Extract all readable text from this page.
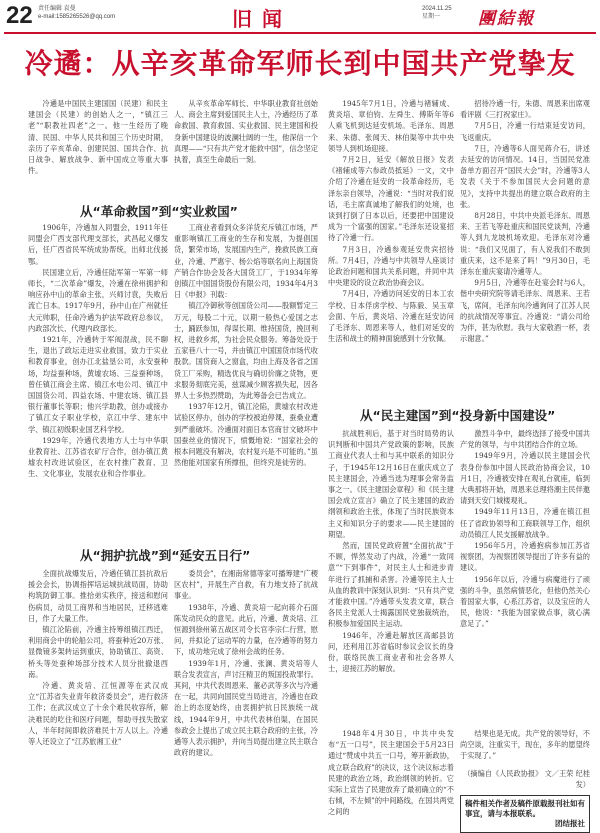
22 责任编辑 袁曼
e-mail:1585265526@qq.com	旧闻	2024.11.25
星期一	團結報
冷遹：从辛亥革命军师长到中国共产党挚友

冷遹是中国民主建国国（民建）和民主建国会（民建）的创始人之一，“镇江三老”“职教社四老”之一。他一生经历了晚清、民国、中华人民共和国三个历史时期，亲历了辛亥革命、创建民国、国共合作、抗日战争、解放战争、新中国成立等重大事件。

从辛亥革命军师长、中华职业教育社创始人、商会主席到爱国民主人士，冷遹经历了革命救国、教育救国、实业救国、民主建国和投身新中国建设的波澜壮阔的一生，他深信一个真理——“只有共产党才能救中国”，信念坚定执着，真至生命最后一刻。

从“革命救国”到“实业救国”

1906年，冷遹加入同盟会，1911年任同盟会广西支部代理支部长，武昌起义爆发后，任广西省民军统成协帮统，出师北伐援鄂。

民国建立后，冷遹任陆军第一军第一师师长，“二次革命”爆发，冷遹在徐州拥护和响应孙中山的革命主张，兴师讨袁，失败后流亡日本。1917年9月，孙中山在广州就任大元帅职，任命冷遹为护法军政府总参议，内政部次长、代理内政部长。

1921年，冷遹转于军阀混战，民不聊生，退出了政坛走进实业救国，致力于实业和教育事业，创办江北盐垦公司，永安蚕种场，均益蚕种场，黄墟农场、三益蚕种场，曾任镇江商会主席、镇江水电公司、镇江中国国货公司、四益农场、中建农场、镇江县银行董事长等职；他兴学助教，创办或接办了镇江女子职业学校，京江中学、建东中学、镇江初级职业国艺科学校。

1929年，冷遹代表地方人士与中华职业教育社、江苏省农矿厅合作，创办镇江黄墟农村改进试验区，在农村推广教育、卫生、文化事业，发展农业和合作事业。

工商业者看到众多洋货充斥镇江市场，严重影响镇江工商业的生存和发展，为提倡国货，繁荣市场，发展国内生产，挽救民族工商业，冷遹、严惠宇、杨公焰等联名向上海国货产销合作协会及各大国货工厂，于1934年筹创镇江中国国货股份有限公司，1934年4月3日《申报》刊载：

镇江冷御秋等创国货公司——股额暂定三万元，每股二十元，以期一般热心爱国之志士，踊跃参加，得谋长期、维持国货，挽回利权，进救乡邦，为社会民众服务。筹备处设于五家巷八十一号，并由镇江中国国货市场代收股款。国货商人之窗盒，均由上海及各省之国货工厂采购，精选优良与确切价廉之货物，更求服务彻底完美，兹谋减少顾客损失起，因各界人士多热烈赞助，为此筹备会已告成立。

1937年12月，镇江沦陷，黄墟农村改进试验区停办，创办的学校被迫停课，蚕桑业遭到严重破坏。冷遹面对面日本官商甘文破坏中国蚕丝业的情况下，愤慨地说：“国家社会的根本问题没有解决，农村复兴是不可能的。”虽然他能对国家有所撑扭，但终究是徒劳的。

从“拥护抗战”到“延安五日行”

全面抗战爆发后，冷遹任镇江县抗敌后援会会长，协调指挥培运城抗战局面，协助构筑防御工事。推拾弟实秩序，接送和慰问伤病员，动员工商界和当地居民，迁移逃难日，作了大量工作。

镇江沦陷前，冷遹主持筹组镇江西迁，利用商会中的轮船公司，将蚕种近20万张、显微镜多架转运到重庆，协助镇江、高资、桥头等处蚕种场部分技术人员分批撤退西南。

冷遹、黄炎培、江恒源等在武汉成立“江苏省失业青年救济委员会”，进行救济工作；在武汉成立了十余个难民收容所，解决难民的吃住和医疗问题，帮助寻找失散家人，半年时间即救济难民十万人以上。冷遹等人还设立了“江苏旅湘工业”

委员会”，在湘南常德等家可播筹建“广稷区农村”，开展生产自救，有力地支持了抗战事业。

1938年，冷遹、黄炎培一起向蒋介石面陈发动民众的意见。此后，冷遹、黄炎培、江恒源到徐州第五战区司令长官李宗仁行营，慰问，并拟论了运动军的力量，在冷遹等的努力下，成功地完成了徐州会战的任务。

1939年1月，冷遹、张澜、黄炎培等人联合发表宣言，声讨汪精卫的叛国投敌罪行。其间，中共代表周恩来、董必武等多次与冷遹在一起，共同向国民党当局进言，冷遹也在政治上的态度始终，由衷拥护抗日民族统一战线，1944年9月，中共代表林伯渠，在国民参政会上提出了成立民主联合政府的主张，冷遹等人表示拥护，并向当局提出建立民主联合政府的建议。

1945年7月1日，冷遹与褚辅成、黄炎培、章伯钧、左舜生、傅斯年等6人乘飞机到达延安机场。毛泽东、周恩来、朱德、张闻天、林伯渠等中共中央领导人到机场迎接。

7月2日，延安《解放日报》发表《褚辅成等六参政员抵延》一文，文中介绍了冷遹在延安的一段革命经历，毛泽东亲自领导，冷遹说：“当时对我们说话，毛主席真诚地了解我们的处境，也谈到打倒了日本以后，还要把中国建设成为一个富强的国家。”毛泽东还设宴招待了冷遹一行。

7月3日，冷遹参观延安贵宾招待所。7月4日，冷遹与中共领导人座谈讨论政治问题和国共关系问题，并同中共中央建设的设立政治协商会议。

7月4日，冷遹访问延安的日本工农学校、日本俘虏学校、与陈毅、吴玉章会面、午后，黄炎培、冷遹在延安访问了毛泽东、周恩来等人，他们对延安的生活和战士的精神面貌感到十分钦佩。

招待冷遹一行，朱德、周恩来出席观看评剧《三打祝家庄》。

7月5日，冷遹一行结束延安访问，飞返重庆。

7日，冷遹等6人面见蒋介石，讲述去延安的访问情况。14日，当国民党准备单方面召开“国民大会”时，冷遹等3人发表《关于不参加国民大会问题的意见》，支持中共提出的建立联合政府的主张。

8月28日，中共中央派毛泽东、周恩来、王若飞等赴重庆和国民党谈判，冷遹等人到九龙坡机场欢迎。毛泽东对冷遹说：“我们又见面了，有人说我们不敢到重庆来，这不是来了吗！”9月30日，毛泽东在重庆宴请冷遹等人。

9月5日，冷遹等在赴宴会时与6人，偕中央研究院等请毛泽东、周恩来、王若飞，席间，毛泽东向冷遹询问了江苏人民的抗战情况等事宜。冷遹说：“请公司给为伴，甚为欣慰。我与大家敬酒一杯，表示谢意。”

从“民主建国”到“投身新中国建设”

抗战胜利后，基于对当时局势的认识判断和中国共产党政策的影响，民族工商业代表人士和与其中联系的知识分子，于1945年12月16日在重庆成立了民主建国会，冷遹当选为理事会常务监事之一。《民主建国会章程》和《民主建国会成立宣言》确立了民主建国的政治纲领和政治主张，体现了当时民族资本主义和知识分子的要求——民主建国的期望。

然而，国民党政府置“全面抗战”于不顾，悍然发动了内战，冷遹“一致同意”“下到事件”，对民主人士和进步青年进行了抓捕和杀害。冷遹等民主人士从血的教训中深刻认识到：“只有共产党才能救中国。”冷遹带头发表文章，联合各民主党派人士揭露国民党独裁统治，积极参加爱国民主运动。

1946年，冷遹赴解放区高邮县访问，还利用江苏省临时参议会议长的身份，联络民族工商业者和社会各界人士，迎接江苏的解放。

激烈斗争中，最终选择了接受中国共产党的领导，与中共团结合作的立场。

1949年9月，冷遹以民主建国会代表身份参加中国人民政治协商会议，10月1日，冷遹被安排在观礼台就座，临到大典那将开始，周恩来总理将潮主民伴邀请到天安门城楼观礼。

1949年11月13日，冷遹在镇江担任了省政协领导和工商联领导工作，组织动员镇江人民支援解放战争。

1956年5月，冷遹抱病参加江苏省视察团，为视察团领导提出了许多有益的建议。

1956年以后，冷遹与病魔进行了顽强的斗争，虽然病情恶化，但他仍然关心着国家大事，心系江苏省，以及宝应的人民，他说：“我能为国家做点事，就心满意足了。”

1948年4月30日，中共中央发布“五一口号”，民主建国会于5月23日通过“赞成中共五一口号，筹开新政协，成立联合政府”的决议，这个决议标志着民建的政治立场，政治纲领的转折。它实际上宣告了民建放弃了最初确立的“不右倾，不左倾”的中间路线，在国共两党之间的

结果也是无成。共产党的领导好，不尚空谈，注重实干，现在，多年的愿望终于实现了。”

（摘编自《人民政协报》 文／王荣 纪桂发）

稿件相关作者及稿件原载报刊社如有事宜，请与本报联系。
团结报社
